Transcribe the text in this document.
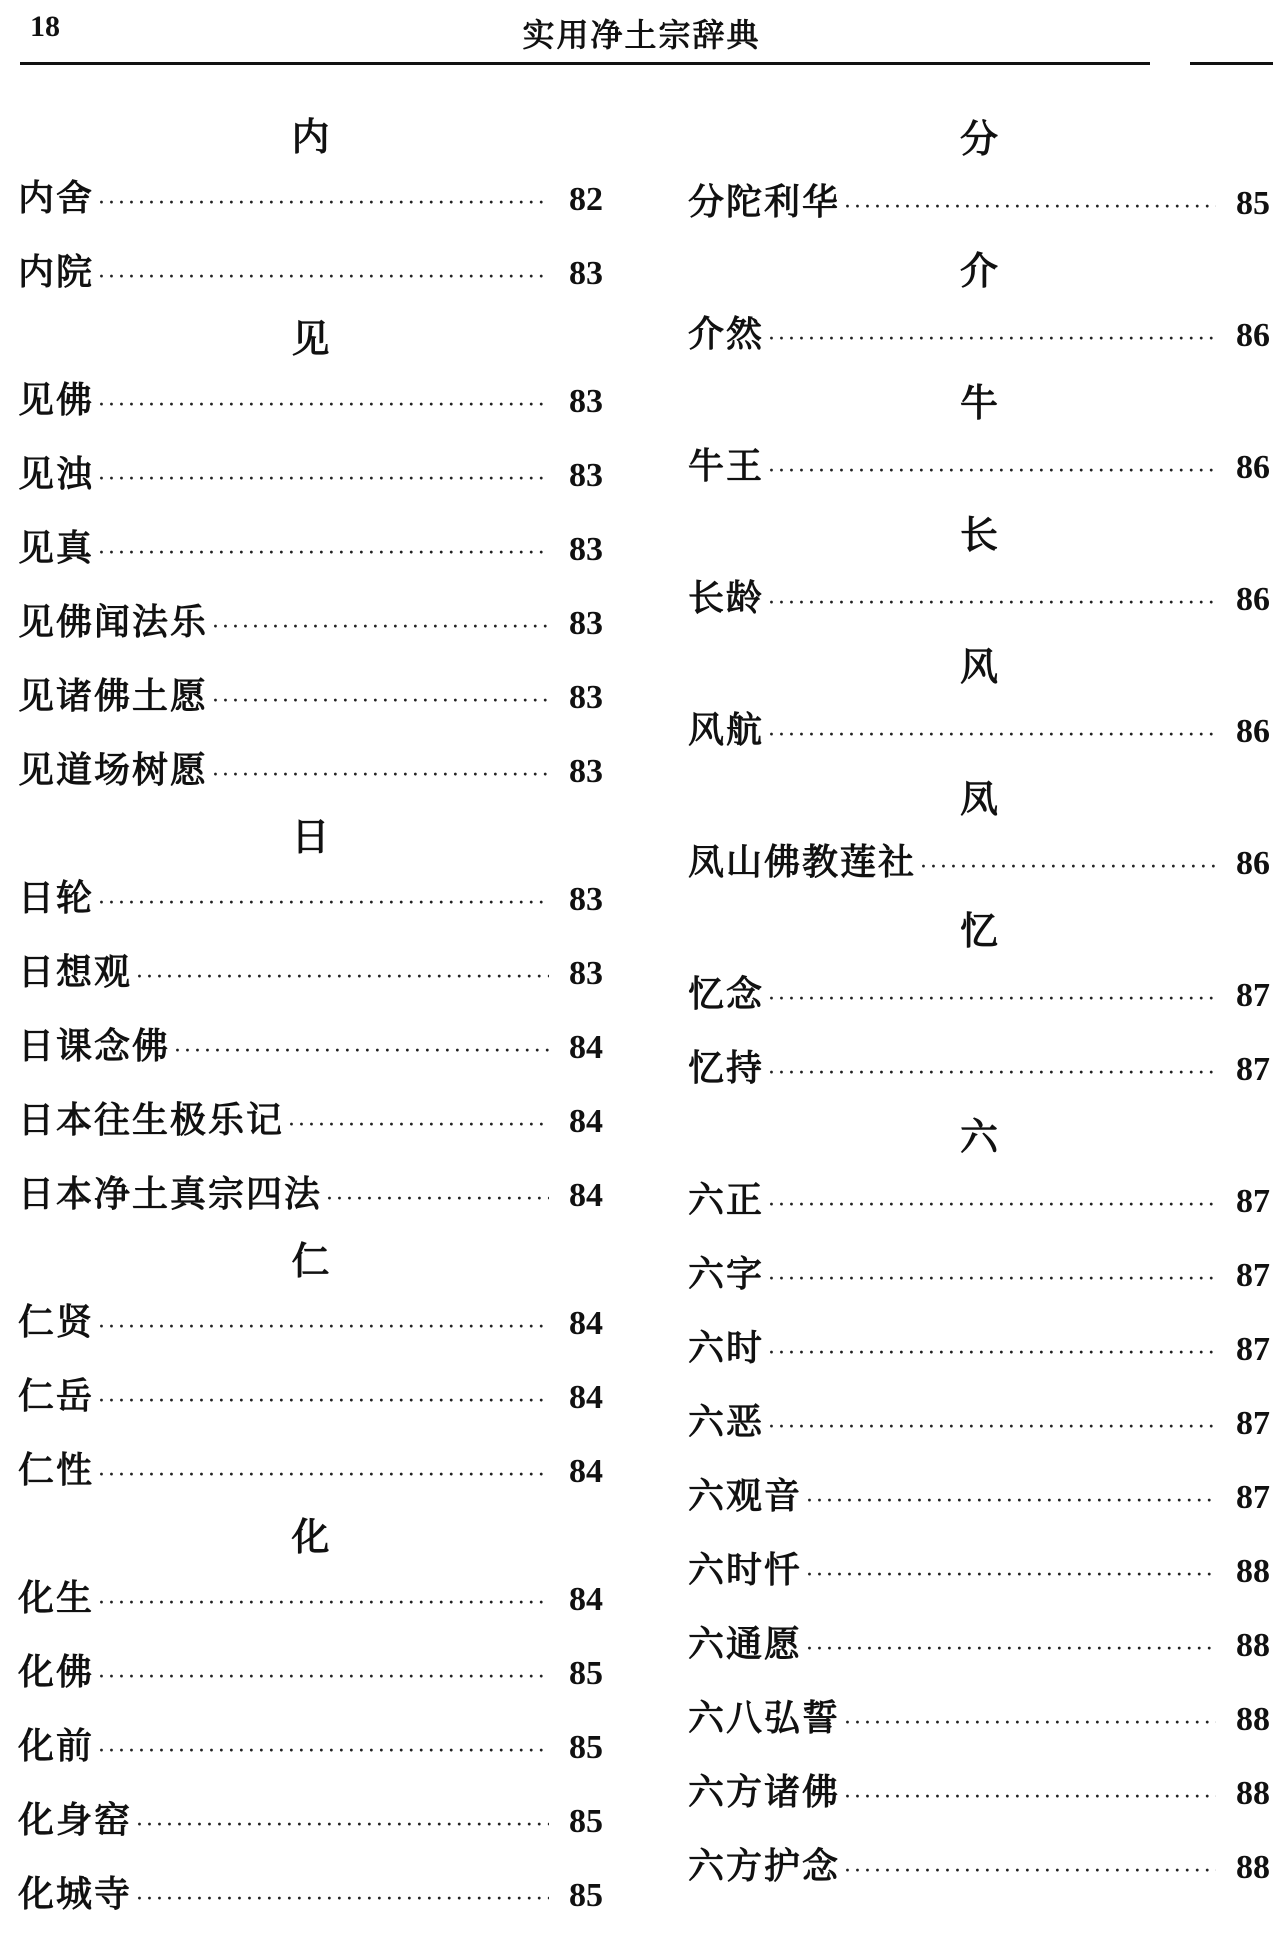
18	实用净土宗辞典
内
内舍 ·····	82
内院 ·····	83
见
见佛 ·····	83
见浊 ·····	83
见真 ·····	83
见佛闻法乐 ·····	83
见诸佛土愿 ·····	83
见道场树愿 ·····	83
日
日轮 ·····	83
日想观 ·····	83
日课念佛 ·····	84
日本往生极乐记 ·····	84
日本净土真宗四法 ·····	84
仁
仁贤 ·····	84
仁岳 ·····	84
仁性 ·····	84
化
化生 ·····	84
化佛 ·····	85
化前 ·····	85
化身窑 ·····	85
化城寺 ·····	85
分
分陀利华 ·····	85
介
介然 ·····	86
牛
牛王 ·····	86
长
长龄 ·····	86
风
风航 ·····	86
凤
凤山佛教莲社 ·····	86
忆
忆念 ·····	87
忆持 ·····	87
六
六正 ·····	87
六字 ·····	87
六时 ·····	87
六恶 ·····	87
六观音 ·····	87
六时忏 ·····	88
六通愿 ·····	88
六八弘誓 ·····	88
六方诸佛 ·····	88
六方护念 ·····	88
